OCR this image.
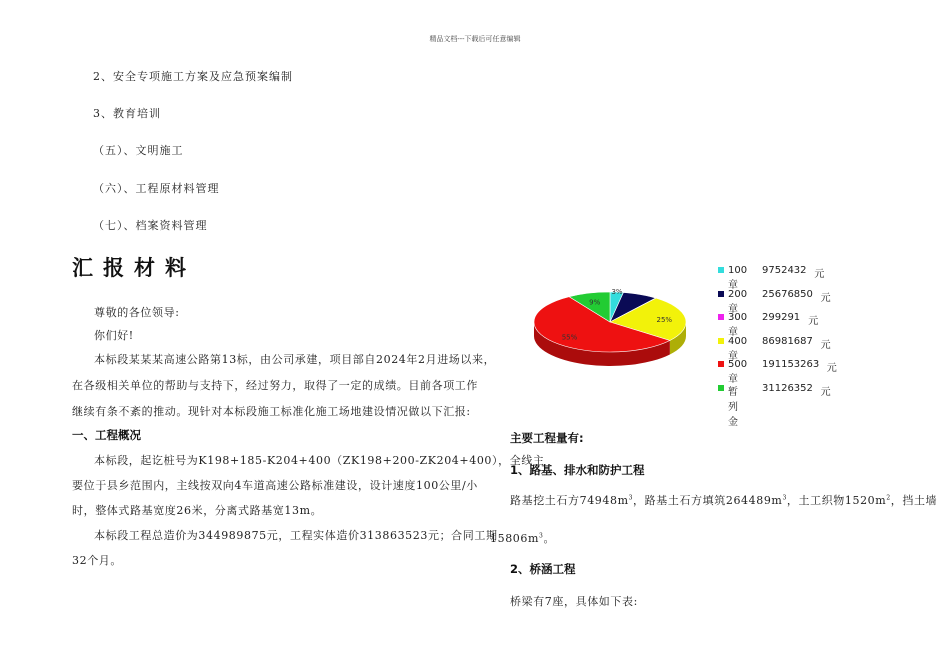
精品文档---下载后可任意编辑
2、安全专项施工方案及应急预案编制
3、教育培训
（五）、文明施工
（六）、工程原材料管理
（七）、档案资料管理
汇报材料
尊敬的各位领导:
你们好!
本标段某某某高速公路第13标，由公司承建，项目部自2024年2月进场以来，
在各级相关单位的帮助与支持下，经过努力，取得了一定的成绩。目前各项工作
继续有条不紊的推动。现针对本标段施工标准化施工场地建设情况做以下汇报:
一、工程概况
本标段，起讫桩号为K198+185-K204+400（ZK198+200-ZK204+400），全线主
要位于县乡范围内，主线按双向4车道高速公路标准建设，设计速度100公里/小
时，整体式路基宽度26米，分离式路基宽13m。
本标段工程总造价为344989875元，工程实体造价313863523元；合同工期
32个月。
3%
25%
55%
9%
100章
9752432 元
200章
25676850 元
300章
299291 元
400章
86981687 元
500章
191153263 元
暂列金
31126352 元
主要工程量有:
1、路基、排水和防护工程
路基挖土石方$74948m^3$，路基土石方填筑$264489m^3$，土工织物$1520m^2$，挡土墙
$15806m^3$。
2、桥涵工程
桥梁有7座，具体如下表:
